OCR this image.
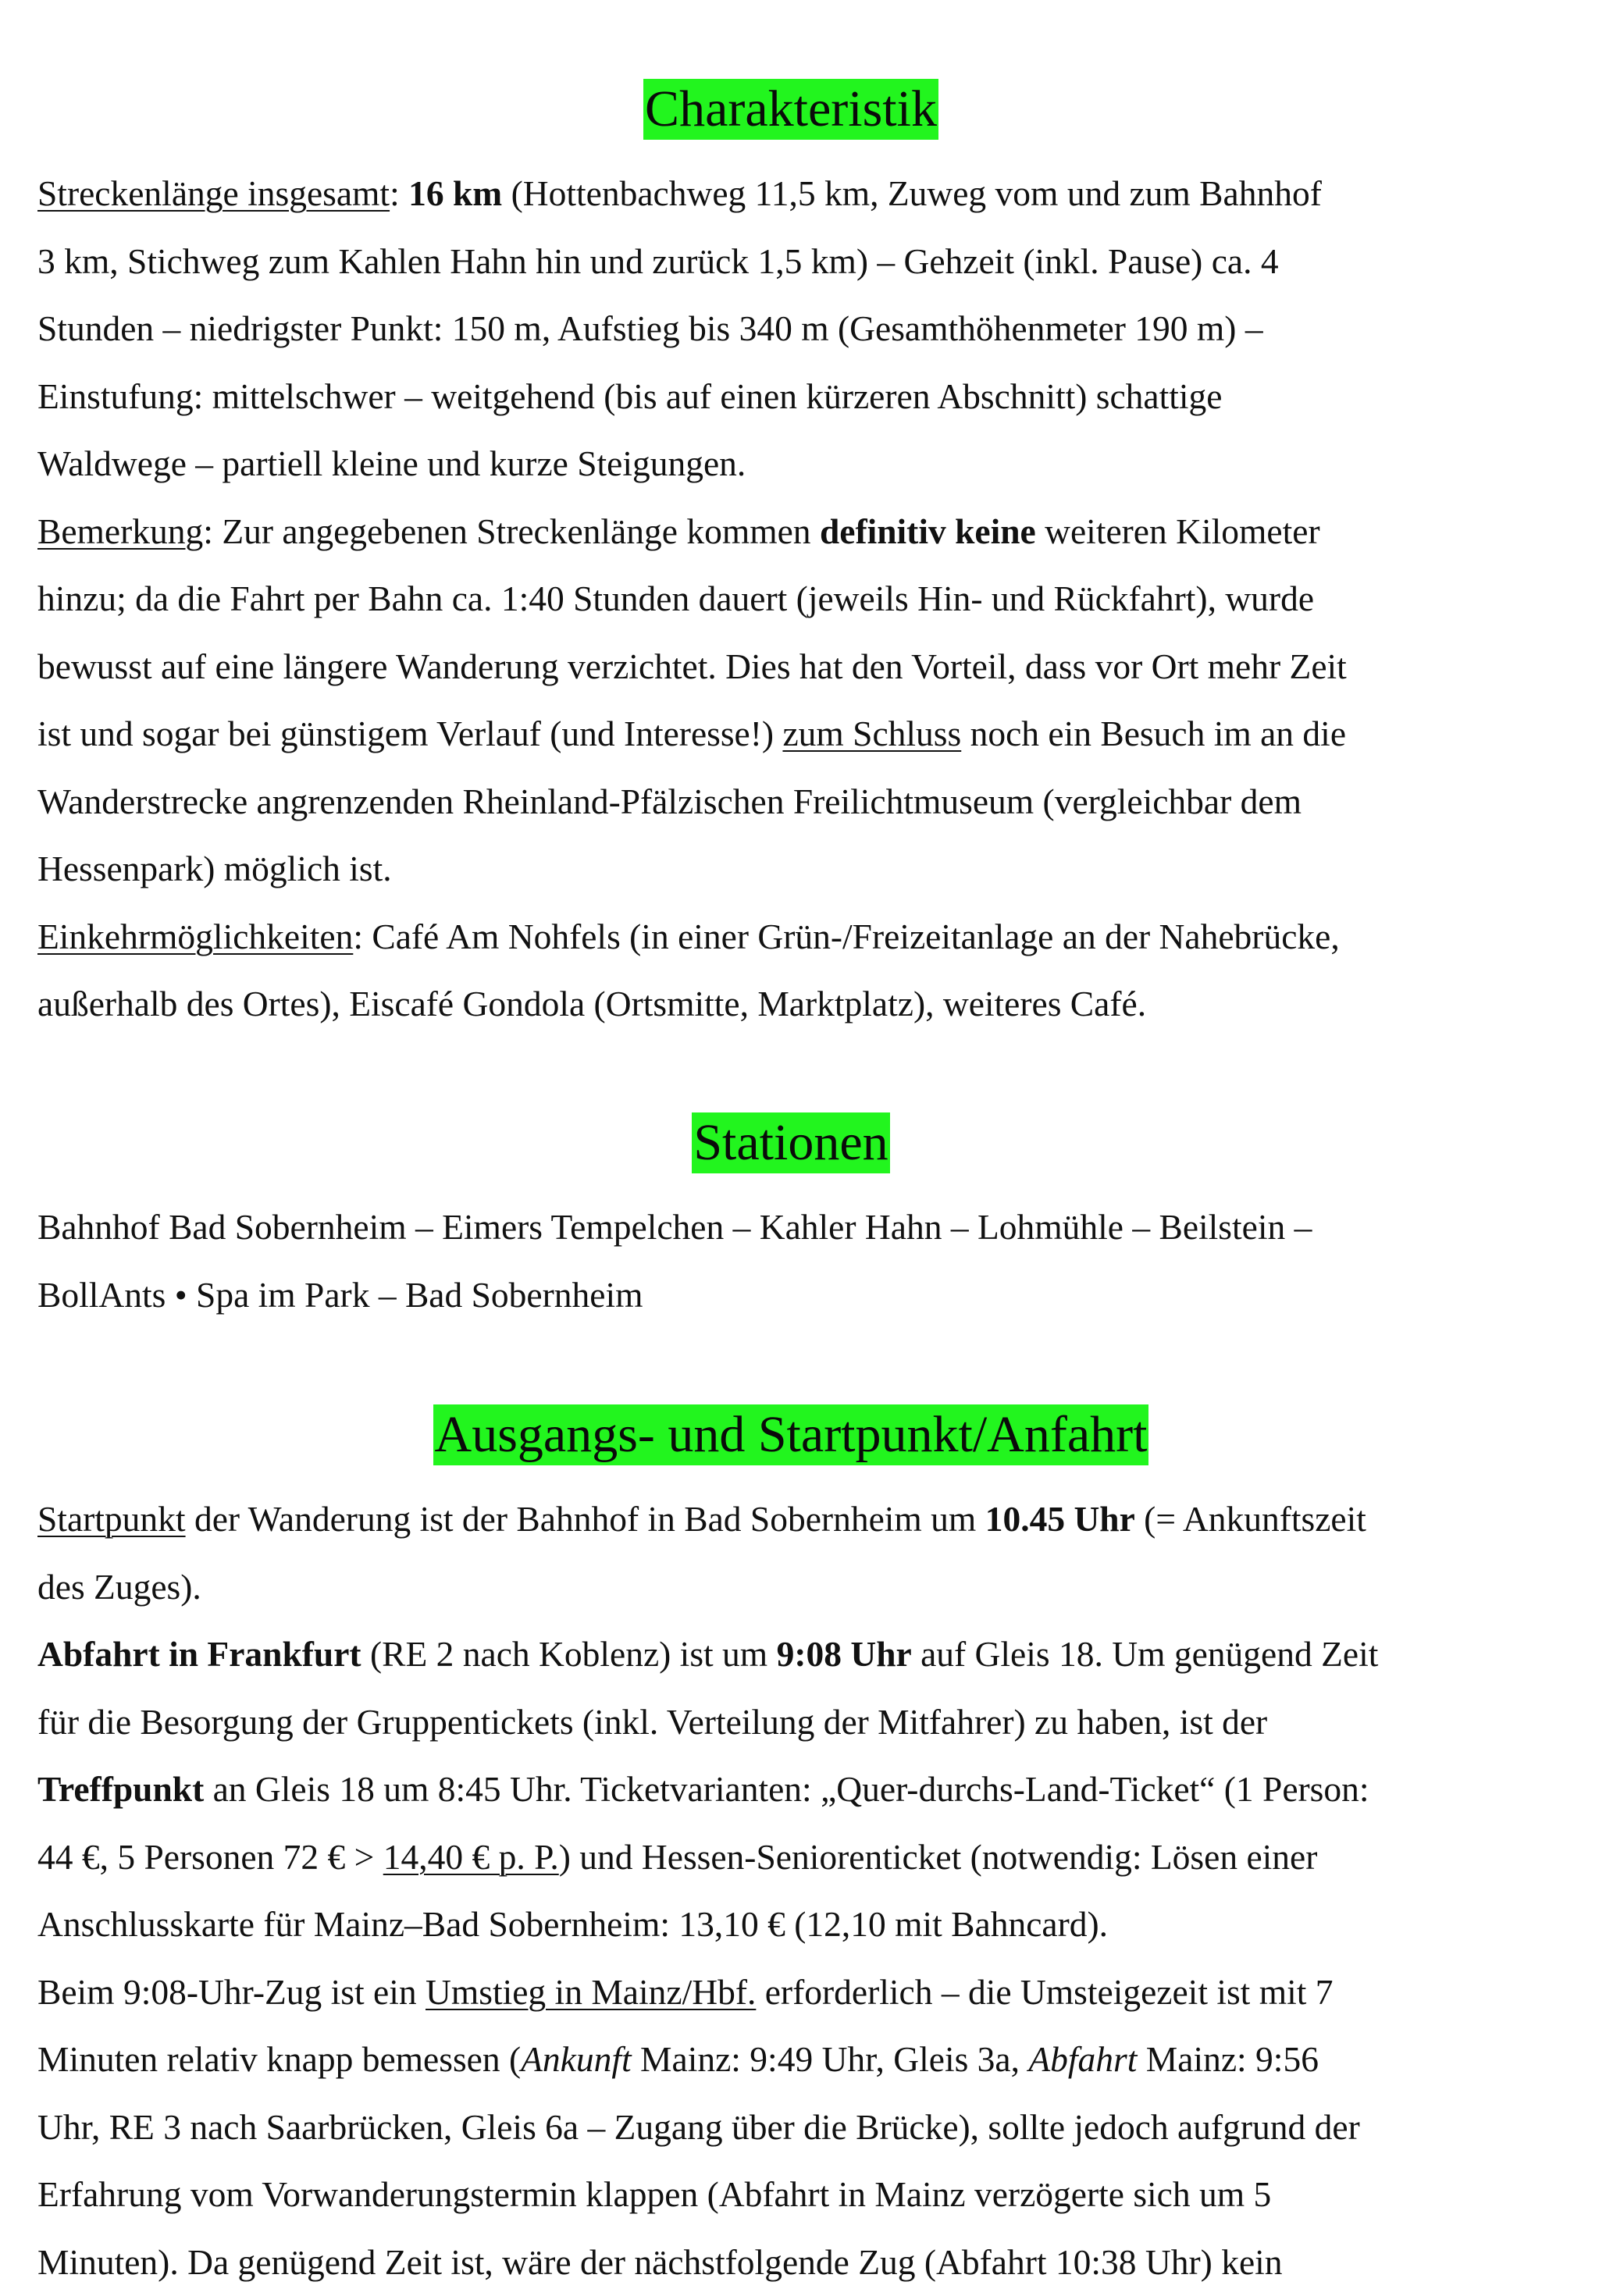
Charakteristik
Streckenlänge insgesamt: 16 km (Hottenbachweg 11,5 km, Zuweg vom und zum Bahnhof
3 km, Stichweg zum Kahlen Hahn hin und zurück 1,5 km) – Gehzeit (inkl. Pause) ca. 4
Stunden – niedrigster Punkt: 150 m, Aufstieg bis 340 m (Gesamthöhenmeter 190 m) –
Einstufung: mittelschwer – weitgehend (bis auf einen kürzeren Abschnitt) schattige
Waldwege – partiell kleine und kurze Steigungen.
Bemerkung: Zur angegebenen Streckenlänge kommen definitiv keine weiteren Kilometer
hinzu; da die Fahrt per Bahn ca. 1:40 Stunden dauert (jeweils Hin- und Rückfahrt), wurde
bewusst auf eine längere Wanderung verzichtet. Dies hat den Vorteil, dass vor Ort mehr Zeit
ist und sogar bei günstigem Verlauf (und Interesse!) zum Schluss noch ein Besuch im an die
Wanderstrecke angrenzenden Rheinland-Pfälzischen Freilichtmuseum (vergleichbar dem
Hessenpark) möglich ist.
Einkehrmöglichkeiten: Café Am Nohfels (in einer Grün-/Freizeitanlage an der Nahebrücke,
außerhalb des Ortes), Eiscafé Gondola (Ortsmitte, Marktplatz), weiteres Café.
Stationen
Bahnhof Bad Sobernheim – Eimers Tempelchen – Kahler Hahn – Lohmühle – Beilstein –
BollAnts • Spa im Park – Bad Sobernheim
Ausgangs- und Startpunkt/Anfahrt
Startpunkt der Wanderung ist der Bahnhof in Bad Sobernheim um 10.45 Uhr (= Ankunftszeit
des Zuges).
Abfahrt in Frankfurt (RE 2 nach Koblenz) ist um 9:08 Uhr auf Gleis 18. Um genügend Zeit
für die Besorgung der Gruppentickets (inkl. Verteilung der Mitfahrer) zu haben, ist der
Treffpunkt an Gleis 18 um 8:45 Uhr. Ticketvarianten: „Quer-durchs-Land-Ticket“ (1 Person:
44 €, 5 Personen 72 € > 14,40 € p. P.) und Hessen-Seniorenticket (notwendig: Lösen einer
Anschlusskarte für Mainz–Bad Sobernheim: 13,10 € (12,10 mit Bahncard).
Beim 9:08-Uhr-Zug ist ein Umstieg in Mainz/Hbf. erforderlich – die Umsteigezeit ist mit 7
Minuten relativ knapp bemessen (Ankunft Mainz: 9:49 Uhr, Gleis 3a, Abfahrt Mainz: 9:56
Uhr, RE 3 nach Saarbrücken, Gleis 6a – Zugang über die Brücke), sollte jedoch aufgrund der
Erfahrung vom Vorwanderungstermin klappen (Abfahrt in Mainz verzögerte sich um 5
Minuten). Da genügend Zeit ist, wäre der nächstfolgende Zug (Abfahrt 10:38 Uhr) kein
